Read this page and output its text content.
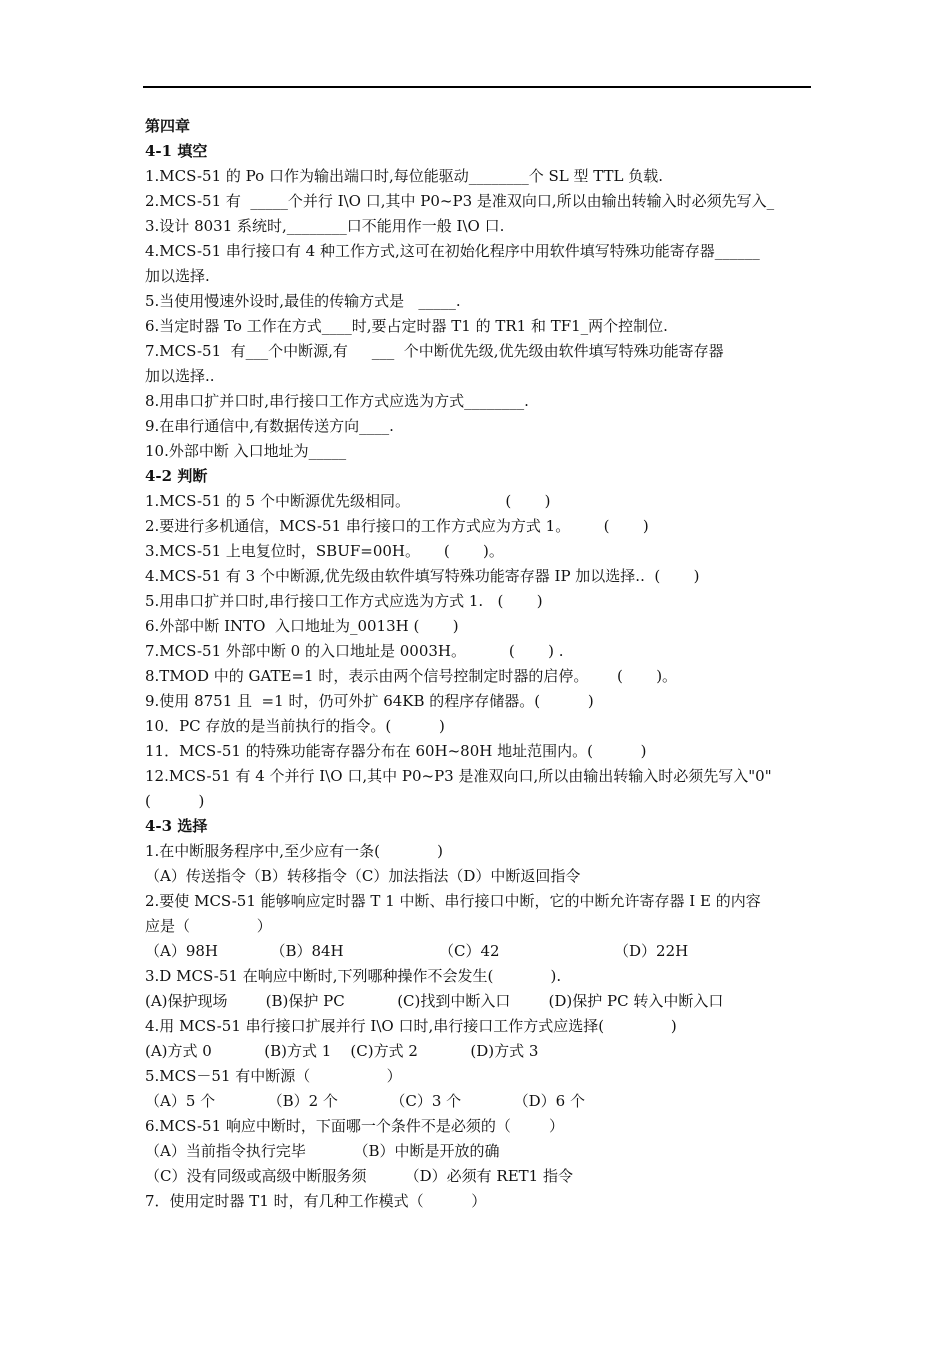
第四章
4-1 填空
1.MCS-51 的 Po 口作为输出端口时,每位能驱动________个 SL 型 TTL 负载.
2.MCS-51 有  _____个并行 I\O 口,其中 P0~P3 是准双向口,所以由输出转输入时必须先写入_
3.设计 8031 系统时,________口不能用作一般 I\O 口.
4.MCS-51 串行接口有 4 种工作方式,这可在初始化程序中用软件填写特殊功能寄存器______
加以选择.
5.当使用慢速外设时,最佳的传输方式是   _____.
6.当定时器 To 工作在方式____时,要占定时器 T1 的 TR1 和 TF1_两个控制位.
7.MCS-51  有___个中断源,有     ___  个中断优先级,优先级由软件填写特殊功能寄存器
加以选择..
8.用串口扩并口时,串行接口工作方式应选为方式________.
9.在串行通信中,有数据传送方向____.
10.外部中断 入口地址为_____
4-2 判断
1.MCS-51 的 5 个中断源优先级相同。                    (       )
2.要进行多机通信，MCS-51 串行接口的工作方式应为方式 1。       (       )
3.MCS-51 上电复位时，SBUF=00H。     (       )。
4.MCS-51 有 3 个中断源,优先级由软件填写特殊功能寄存器 IP 加以选择..  (       )
5.用串口扩并口时,串行接口工作方式应选为方式 1.   (       )
6.外部中断 INTO  入口地址为_0013H (       )
7.MCS-51 外部中断 0 的入口地址是 0003H。         (       ) .
8.TMOD 中的 GATE=1 时，表示由两个信号控制定时器的启停。      (       )。
9.使用 8751 且  =1 时，仍可外扩 64KB 的程序存储器。(          )
10．PC 存放的是当前执行的指令。(          )
11．MCS-51 的特殊功能寄存器分布在 60H~80H 地址范围内。(          )
12.MCS-51 有 4 个并行 I\O 口,其中 P0~P3 是准双向口,所以由输出转输入时必须先写入"0"
(          )
4-3 选择
1.在中断服务程序中,至少应有一条(            )
（A）传送指令（B）转移指令（C）加法指法（D）中断返回指令
2.要使 MCS-51 能够响应定时器 T 1 中断、串行接口中断，它的中断允许寄存器 I E 的内容
应是（              ）
（A）98H           （B）84H                    （C）42                        （D）22H
3.D MCS-51 在响应中断时,下列哪种操作不会发生(            ).
(A)保护现场        (B)保护 PC           (C)找到中断入口        (D)保护 PC 转入中断入口
4.用 MCS-51 串行接口扩展并行 I\O 口时,串行接口工作方式应选择(              )
(A)方式 0           (B)方式 1    (C)方式 2           (D)方式 3
5.MCS－51 有中断源（                ）
（A）5 个           （B）2 个           （C）3 个           （D）6 个
6.MCS-51 响应中断时，下面哪一个条件不是必须的（        ）
（A）当前指令执行完毕          （B）中断是开放的确
（C）没有同级或高级中断服务须        （D）必须有 RET1 指令
7．使用定时器 T1 时，有几种工作模式（          ）
